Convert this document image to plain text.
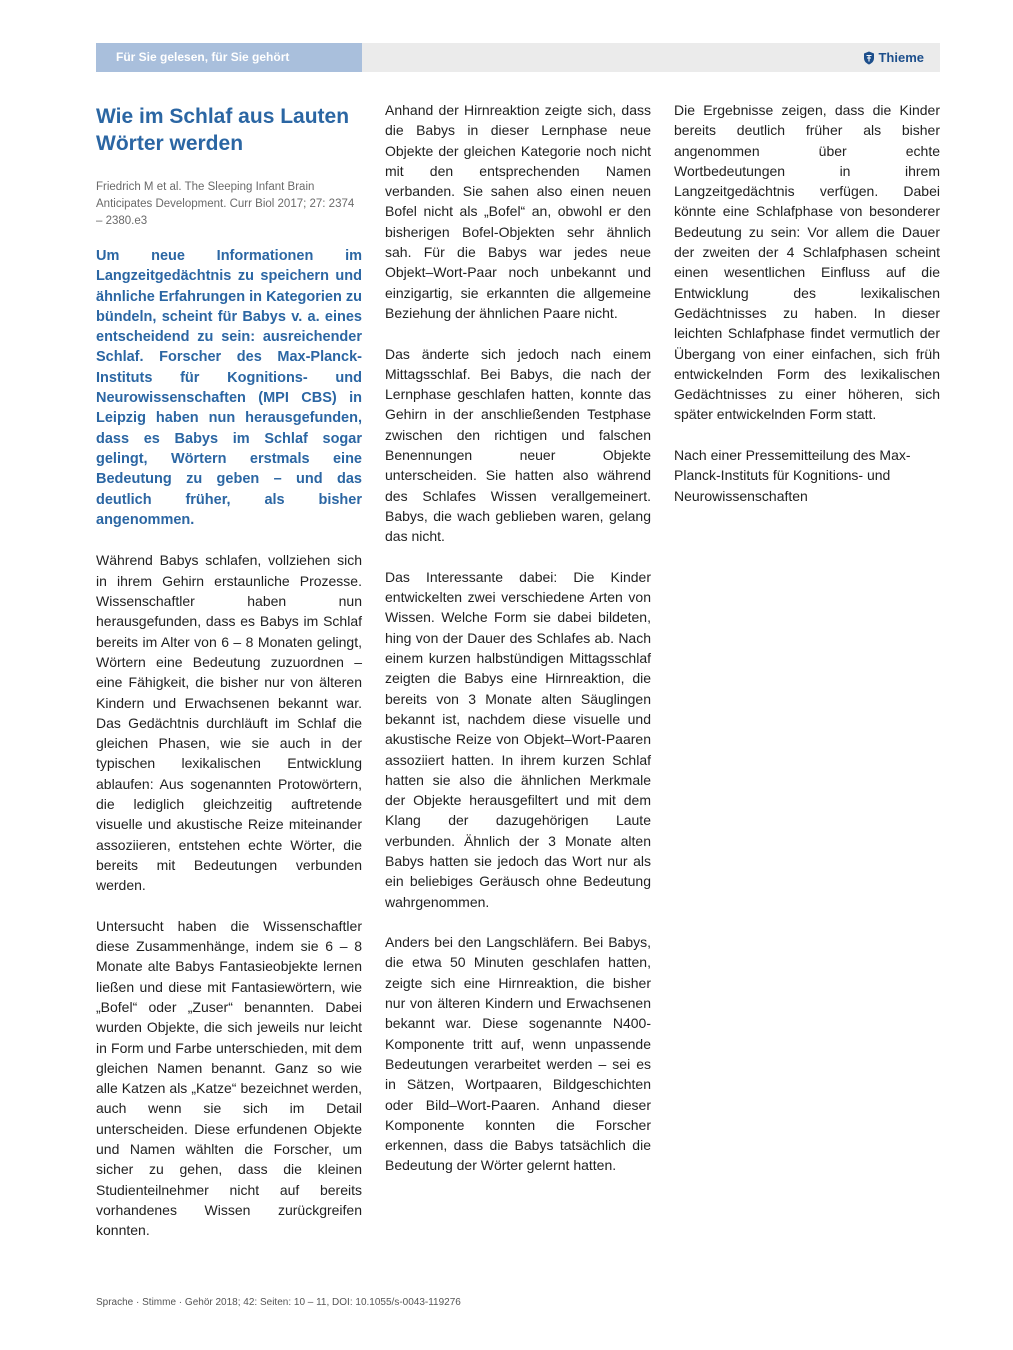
Für Sie gelesen, für Sie gehört	Thieme
Wie im Schlaf aus Lauten Wörter werden

Friedrich M et al. The Sleeping Infant Brain Anticipates Development. Curr Biol 2017; 27: 2374 – 2380.e3

Um neue Informationen im Langzeitgedächtnis zu speichern und ähnliche Erfahrungen in Kategorien zu bündeln, scheint für Babys v. a. eines entscheidend zu sein: ausreichender Schlaf. Forscher des Max-Planck-Instituts für Kognitions- und Neurowissenschaften (MPI CBS) in Leipzig haben nun herausgefunden, dass es Babys im Schlaf sogar gelingt, Wörtern erstmals eine Bedeutung zu geben – und das deutlich früher, als bisher angenommen.

Während Babys schlafen, vollziehen sich in ihrem Gehirn erstaunliche Prozesse. Wissenschaftler haben nun herausgefunden, dass es Babys im Schlaf bereits im Alter von 6 – 8 Monaten gelingt, Wörtern eine Bedeutung zuzuordnen – eine Fähigkeit, die bisher nur von älteren Kindern und Erwachsenen bekannt war. Das Gedächtnis durchläuft im Schlaf die gleichen Phasen, wie sie auch in der typischen lexikalischen Entwicklung ablaufen: Aus sogenannten Protowörtern, die lediglich gleichzeitig auftretende visuelle und akustische Reize miteinander assoziieren, entstehen echte Wörter, die bereits mit Bedeutungen verbunden werden.

Untersucht haben die Wissenschaftler diese Zusammenhänge, indem sie 6 – 8 Monate alte Babys Fantasieobjekte lernen ließen und diese mit Fantasiewörtern, wie „Bofel“ oder „Zuser“ benannten. Dabei wurden Objekte, die sich jeweils nur leicht in Form und Farbe unterschieden, mit dem gleichen Namen benannt. Ganz so wie alle Katzen als „Katze“ bezeichnet werden, auch wenn sie sich im Detail unterscheiden. Diese erfundenen Objekte und Namen wählten die Forscher, um sicher zu gehen, dass die kleinen Studienteilnehmer nicht auf bereits vorhandenes Wissen zurückgreifen konnten.

Anhand der Hirnreaktion zeigte sich, dass die Babys in dieser Lernphase neue Objekte der gleichen Kategorie noch nicht mit den entsprechenden Namen verbanden. Sie sahen also einen neuen Bofel nicht als „Bofel“ an, obwohl er den bisherigen Bofel-Objekten sehr ähnlich sah. Für die Babys war jedes neue Objekt–Wort-Paar noch unbekannt und einzigartig, sie erkannten die allgemeine Beziehung der ähnlichen Paare nicht.

Das änderte sich jedoch nach einem Mittagsschlaf. Bei Babys, die nach der Lernphase geschlafen hatten, konnte das Gehirn in der anschließenden Testphase zwischen den richtigen und falschen Benennungen neuer Objekte unterscheiden. Sie hatten also während des Schlafes Wissen verallgemeinert. Babys, die wach geblieben waren, gelang das nicht.

Das Interessante dabei: Die Kinder entwickelten zwei verschiedene Arten von Wissen. Welche Form sie dabei bildeten, hing von der Dauer des Schlafes ab. Nach einem kurzen halbstündigen Mittagsschlaf zeigten die Babys eine Hirnreaktion, die bereits von 3 Monate alten Säuglingen bekannt ist, nachdem diese visuelle und akustische Reize von Objekt–Wort-Paaren assoziiert hatten. In ihrem kurzen Schlaf hatten sie also die ähnlichen Merkmale der Objekte herausgefiltert und mit dem Klang der dazugehörigen Laute verbunden. Ähnlich der 3 Monate alten Babys hatten sie jedoch das Wort nur als ein beliebiges Geräusch ohne Bedeutung wahrgenommen.

Anders bei den Langschläfern. Bei Babys, die etwa 50 Minuten geschlafen hatten, zeigte sich eine Hirnreaktion, die bisher nur von älteren Kindern und Erwachsenen bekannt war. Diese sogenannte N400-Komponente tritt auf, wenn unpassende Bedeutungen verarbeitet werden – sei es in Sätzen, Wortpaaren, Bildgeschichten oder Bild–Wort-Paaren. Anhand dieser Komponente konnten die Forscher erkennen, dass die Babys tatsächlich die Bedeutung der Wörter gelernt hatten.

Die Ergebnisse zeigen, dass die Kinder bereits deutlich früher als bisher angenommen über echte Wortbedeutungen in ihrem Langzeitgedächtnis verfügen. Dabei könnte eine Schlafphase von besonderer Bedeutung zu sein: Vor allem die Dauer der zweiten der 4 Schlafphasen scheint einen wesentlichen Einfluss auf die Entwicklung des lexikalischen Gedächtnisses zu haben. In dieser leichten Schlafphase findet vermutlich der Übergang von einer einfachen, sich früh entwickelnden Form des lexikalischen Gedächtnisses zu einer höheren, sich später entwickelnden Form statt.

Nach einer Pressemitteilung des Max-Planck-Instituts für Kognitions- und Neurowissenschaften

Sprache · Stimme · Gehör 2018; 42: Seiten: 10 – 11, DOI: 10.1055/s-0043-119276
